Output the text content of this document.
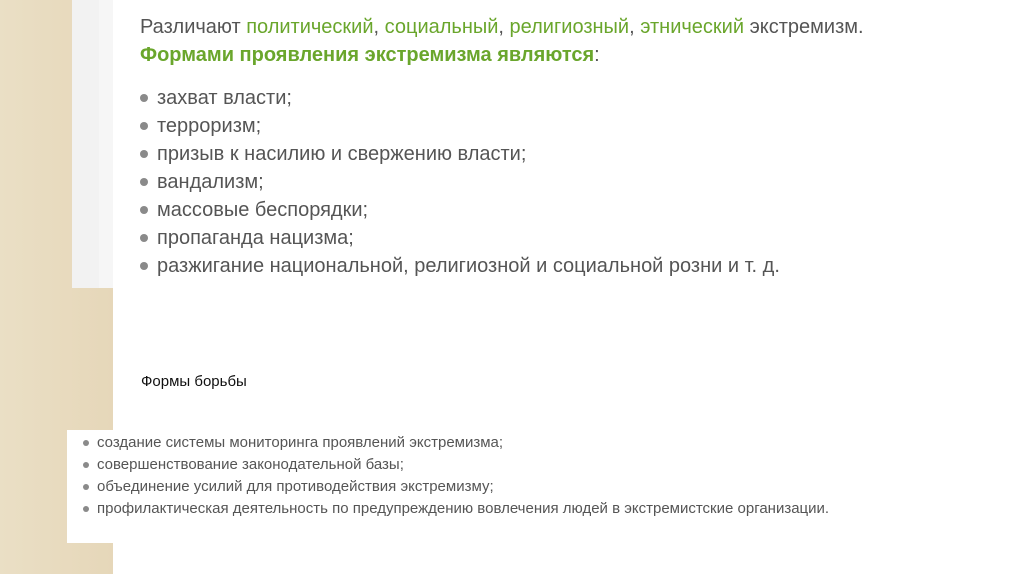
Различают политический, социальный, религиозный, этнический экстремизм.
Формами проявления экстремизма являются:
захват власти;
терроризм;
призыв к насилию и свержению власти;
вандализм;
массовые беспорядки;
пропаганда нацизма;
разжигание национальной, религиозной и социальной розни и т. д.
Формы борьбы
создание системы мониторинга проявлений экстремизма;
совершенствование законодательной базы;
объединение усилий для противодействия экстремизму;
профилактическая деятельность по предупреждению вовлечения людей в экстремистские организации.
